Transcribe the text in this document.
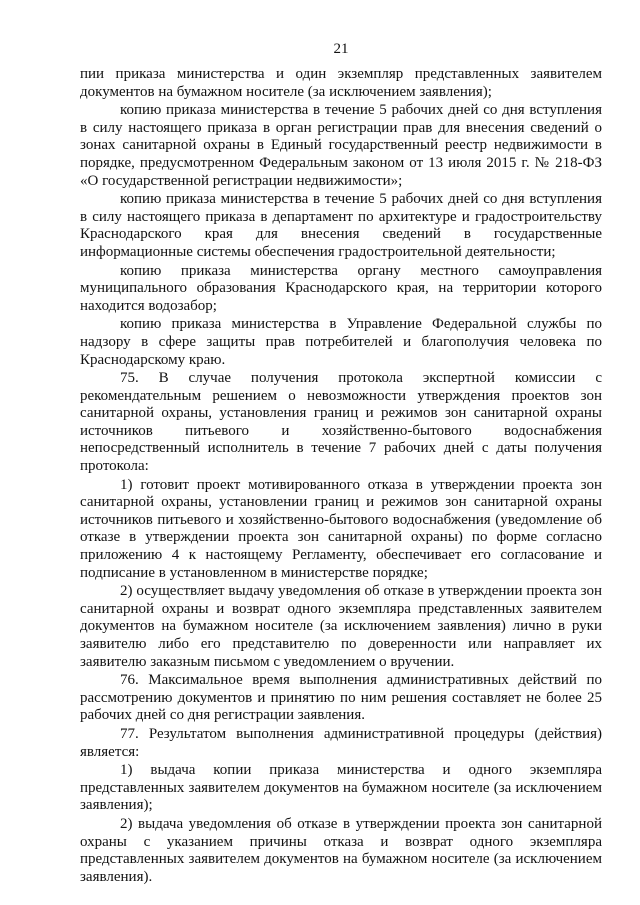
21

пии приказа министерства и один экземпляр представленных заявителем документов на бумажном носителе (за исключением заявления);

копию приказа министерства в течение 5 рабочих дней со дня вступления в силу настоящего приказа в орган регистрации прав для внесения сведений о зонах санитарной охраны в Единый государственный реестр недвижимости в порядке, предусмотренном Федеральным законом от 13 июля 2015 г. № 218-ФЗ «О государственной регистрации недвижимости»;

копию приказа министерства в течение 5 рабочих дней со дня вступления в силу настоящего приказа в департамент по архитектуре и градостроительству Краснодарского края для внесения сведений в государственные информационные системы обеспечения градостроительной деятельности;

копию приказа министерства органу местного самоуправления муниципального образования Краснодарского края, на территории которого находится водозабор;

копию приказа министерства в Управление Федеральной службы по надзору в сфере защиты прав потребителей и благополучия человека по Краснодарскому краю.

75. В случае получения протокола экспертной комиссии с рекомендательным решением о невозможности утверждения проектов зон санитарной охраны, установления границ и режимов зон санитарной охраны источников питьевого и хозяйственно-бытового водоснабжения непосредственный исполнитель в течение 7 рабочих дней с даты получения протокола:

1) готовит проект мотивированного отказа в утверждении проекта зон санитарной охраны, установлении границ и режимов зон санитарной охраны источников питьевого и хозяйственно-бытового водоснабжения (уведомление об отказе в утверждении проекта зон санитарной охраны) по форме согласно приложению 4 к настоящему Регламенту, обеспечивает его согласование и подписание в установленном в министерстве порядке;

2) осуществляет выдачу уведомления об отказе в утверждении проекта зон санитарной охраны и возврат одного экземпляра представленных заявителем документов на бумажном носителе (за исключением заявления) лично в руки заявителю либо его представителю по доверенности или направляет их заявителю заказным письмом с уведомлением о вручении.

76. Максимальное время выполнения административных действий по рассмотрению документов и принятию по ним решения составляет не более 25 рабочих дней со дня регистрации заявления.

77. Результатом выполнения административной процедуры (действия) является:

1) выдача копии приказа министерства и одного экземпляра представленных заявителем документов на бумажном носителе (за исключением заявления);

2) выдача уведомления об отказе в утверждении проекта зон санитарной охраны с указанием причины отказа и возврат одного экземпляра представленных заявителем документов на бумажном носителе (за исключением заявления).
